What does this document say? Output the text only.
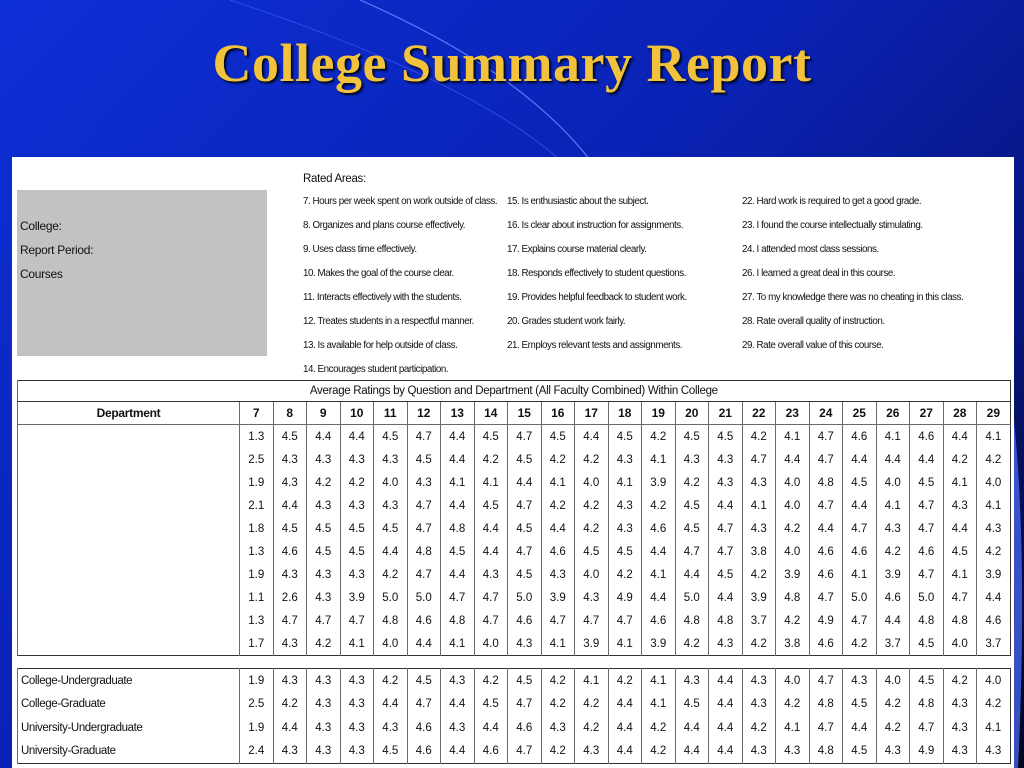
College Summary Report
College:
Report Period:
Courses
Rated Areas:
7. Hours per week spent on work outside of class.
8. Organizes and plans course effectively.
9. Uses class time effectively.
10. Makes the goal of the course clear.
11. Interacts effectively with the students.
12. Treates students in a respectful manner.
13. Is available for help outside of class.
14. Encourages student participation.
15. Is enthusiastic about the subject.
16. Is clear about instruction for assignments.
17. Explains course material clearly.
18. Responds effectively to student questions.
19. Provides helpful feedback to student work.
20. Grades student work fairly.
21. Employs relevant tests and assignments.
22. Hard work is required to get a good grade.
23. I found the course intellectually stimulating.
24. I attended most class sessions.
26. I learned a great deal in this course.
27. To my knowledge there was no cheating in this class.
28. Rate overall quality of instruction.
29. Rate overall value of this course.
Average Ratings by Question and Department (All Faculty Combined) Within College																							
Department	7	8	9	10	11	12	13	14	15	16	17	18	19	20	21	22	23	24	25	26	27	28	29
	1.3	4.5	4.4	4.4	4.5	4.7	4.4	4.5	4.7	4.5	4.4	4.5	4.2	4.5	4.5	4.2	4.1	4.7	4.6	4.1	4.6	4.4	4.1
	2.5	4.3	4.3	4.3	4.3	4.5	4.4	4.2	4.5	4.2	4.2	4.3	4.1	4.3	4.3	4.7	4.4	4.7	4.4	4.4	4.4	4.2	4.2
	1.9	4.3	4.2	4.2	4.0	4.3	4.1	4.1	4.4	4.1	4.0	4.1	3.9	4.2	4.3	4.3	4.0	4.8	4.5	4.0	4.5	4.1	4.0
	2.1	4.4	4.3	4.3	4.3	4.7	4.4	4.5	4.7	4.2	4.2	4.3	4.2	4.5	4.4	4.1	4.0	4.7	4.4	4.1	4.7	4.3	4.1
	1.8	4.5	4.5	4.5	4.5	4.7	4.8	4.4	4.5	4.4	4.2	4.3	4.6	4.5	4.7	4.3	4.2	4.4	4.7	4.3	4.7	4.4	4.3
	1.3	4.6	4.5	4.5	4.4	4.8	4.5	4.4	4.7	4.6	4.5	4.5	4.4	4.7	4.7	3.8	4.0	4.6	4.6	4.2	4.6	4.5	4.2
	1.9	4.3	4.3	4.3	4.2	4.7	4.4	4.3	4.5	4.3	4.0	4.2	4.1	4.4	4.5	4.2	3.9	4.6	4.1	3.9	4.7	4.1	3.9
	1.1	2.6	4.3	3.9	5.0	5.0	4.7	4.7	5.0	3.9	4.3	4.9	4.4	5.0	4.4	3.9	4.8	4.7	5.0	4.6	5.0	4.7	4.4
	1.3	4.7	4.7	4.7	4.8	4.6	4.8	4.7	4.6	4.7	4.7	4.7	4.6	4.8	4.8	3.7	4.2	4.9	4.7	4.4	4.8	4.8	4.6
	1.7	4.3	4.2	4.1	4.0	4.4	4.1	4.0	4.3	4.1	3.9	4.1	3.9	4.2	4.3	4.2	3.8	4.6	4.2	3.7	4.5	4.0	3.7
College-Undergraduate	1.9	4.3	4.3	4.3	4.2	4.5	4.3	4.2	4.5	4.2	4.1	4.2	4.1	4.3	4.4	4.3	4.0	4.7	4.3	4.0	4.5	4.2	4.0
College-Graduate	2.5	4.2	4.3	4.3	4.4	4.7	4.4	4.5	4.7	4.2	4.2	4.4	4.1	4.5	4.4	4.3	4.2	4.8	4.5	4.2	4.8	4.3	4.2
University-Undergraduate	1.9	4.4	4.3	4.3	4.3	4.6	4.3	4.4	4.6	4.3	4.2	4.4	4.2	4.4	4.4	4.2	4.1	4.7	4.4	4.2	4.7	4.3	4.1
University-Graduate	2.4	4.3	4.3	4.3	4.5	4.6	4.4	4.6	4.7	4.2	4.3	4.4	4.2	4.4	4.4	4.3	4.3	4.8	4.5	4.3	4.9	4.3	4.3
